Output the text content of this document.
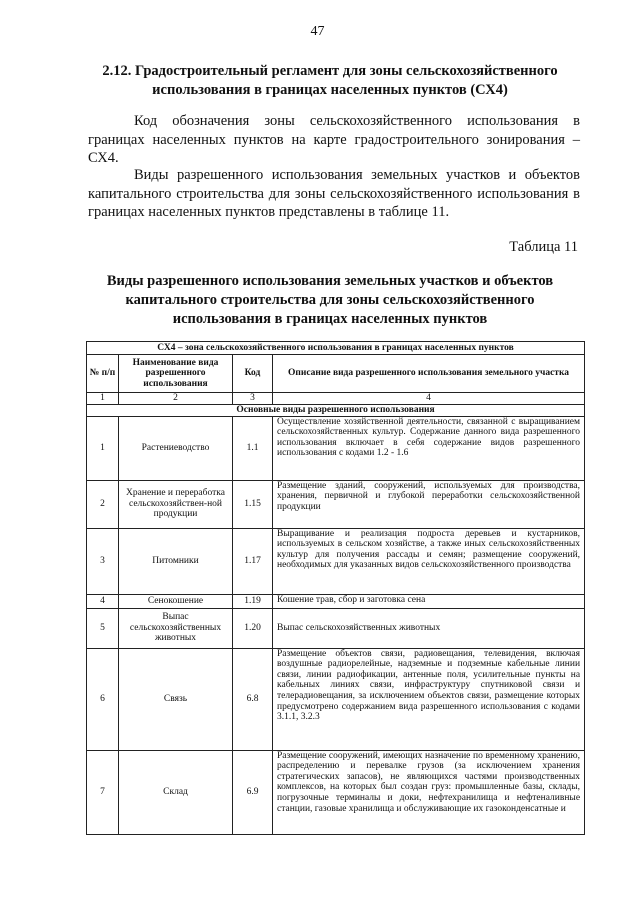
47
2.12. Градостроительный регламент для зоны сельскохозяйственного использования в границах населенных пунктов (СХ4)

Код обозначения зоны сельскохозяйственного использования в границах населенных пунктов на карте градостроительного зонирования – СХ4.

Виды разрешенного использования земельных участков и объектов капитального строительства для зоны сельскохозяйственного использования в границах населенных пунктов представлены в таблице 11.

Таблица 11
Виды разрешенного использования земельных участков и объектов капитального строительства для зоны сельскохозяйственного использования в границах населенных пунктов
СХ4 – зона сельскохозяйственного использования в границах населенных пунктов			
№ п/п	Наименование вида разрешенного использования	Код	Описание вида разрешенного использования земельного участка
1	2	3	4
Основные виды разрешенного использования			
1	Растениеводство	1.1	Осуществление хозяйственной деятельности, связанной с выращиванием сельскохозяйственных культур. Содержание данного вида разрешенного использования включает в себя содержание видов разрешенного использования с кодами 1.2 - 1.6
2	Хранение и переработка сельскохозяйствен-ной продукции	1.15	Размещение зданий, сооружений, используемых для производства, хранения, первичной и глубокой переработки сельскохозяйственной продукции
3	Питомники	1.17	Выращивание и реализация подроста деревьев и кустарников, используемых в сельском хозяйстве, а также иных сельскохозяйственных культур для получения рассады и семян; размещение сооружений, необходимых для указанных видов сельскохозяйственного производства
4	Сенокошение	1.19	Кошение трав, сбор и заготовка сена
5	Выпас сельскохозяйственных животных	1.20	Выпас сельскохозяйственных животных
6	Связь	6.8	Размещение объектов связи, радиовещания, телевидения, включая воздушные радиорелейные, надземные и подземные кабельные линии связи, линии радиофикации, антенные поля, усилительные пункты на кабельных линиях связи, инфраструктуру спутниковой связи и телерадиовещания, за исключением объектов связи, размещение которых предусмотрено содержанием вида разрешенного использования с кодами 3.1.1, 3.2.3
7	Склад	6.9	Размещение сооружений, имеющих назначение по временному хранению, распределению и перевалке грузов (за исключением хранения стратегических запасов), не являющихся частями производственных комплексов, на которых был создан груз: промышленные базы, склады, погрузочные терминалы и доки, нефтехранилища и нефтеналивные станции, газовые хранилища и обслуживающие их газоконденсатные и
